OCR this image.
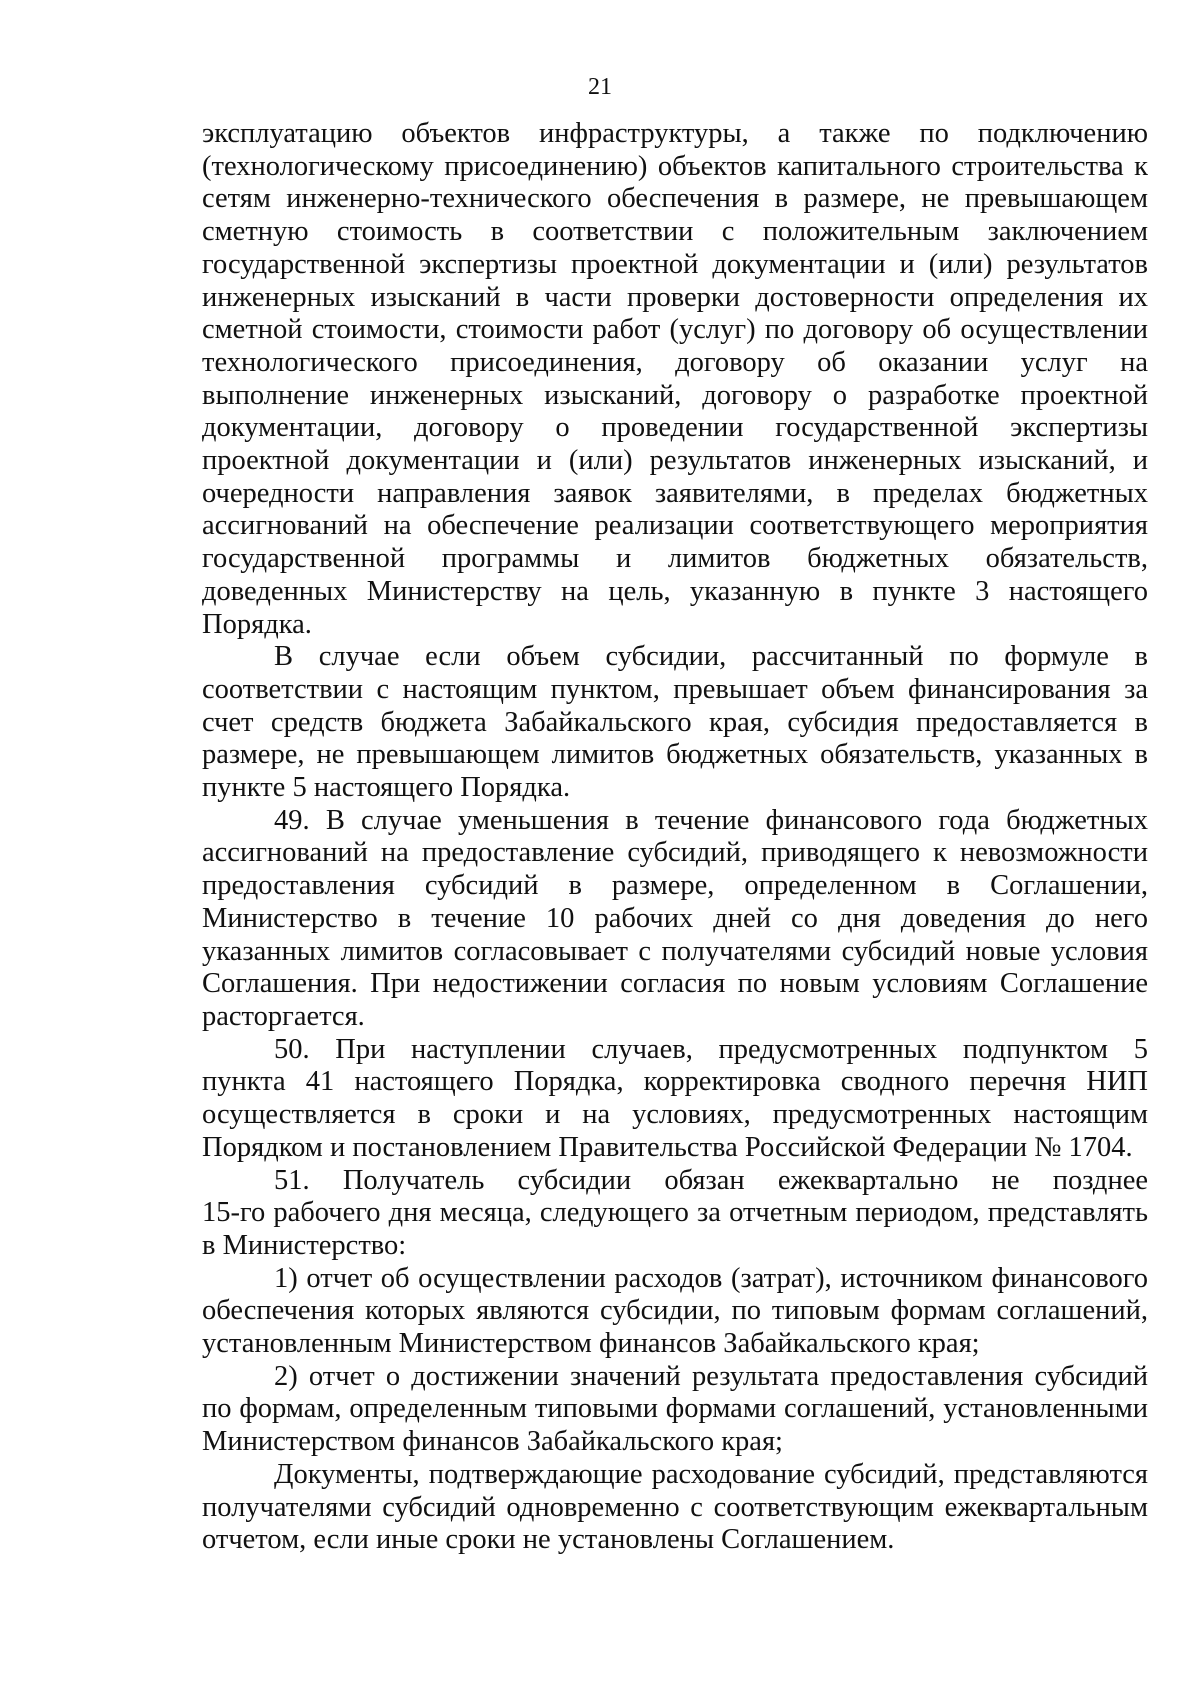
21
эксплуатацию объектов инфраструктуры, а также по подключению
(технологическому присоединению) объектов капитального строительства к
сетям инженерно-технического обеспечения в размере, не превышающем
сметную стоимость в соответствии с положительным заключением
государственной экспертизы проектной документации и (или) результатов
инженерных изысканий в части проверки достоверности определения их
сметной стоимости, стоимости работ (услуг) по договору об осуществлении
технологического присоединения, договору об оказании услуг на
выполнение инженерных изысканий, договору о разработке проектной
документации, договору о проведении государственной экспертизы
проектной документации и (или) результатов инженерных изысканий, и
очередности направления заявок заявителями, в пределах бюджетных
ассигнований на обеспечение реализации соответствующего мероприятия
государственной программы и лимитов бюджетных обязательств,
доведенных Министерству на цель, указанную в пункте 3 настоящего
Порядка.
В случае если объем субсидии, рассчитанный по формуле в
соответствии с настоящим пунктом, превышает объем финансирования за
счет средств бюджета Забайкальского края, субсидия предоставляется в
размере, не превышающем лимитов бюджетных обязательств, указанных в
пункте 5 настоящего Порядка.
49. В случае уменьшения в течение финансового года бюджетных
ассигнований на предоставление субсидий, приводящего к невозможности
предоставления субсидий в размере, определенном в Соглашении,
Министерство в течение 10 рабочих дней со дня доведения до него
указанных лимитов согласовывает с получателями субсидий новые условия
Соглашения. При недостижении согласия по новым условиям Соглашение
расторгается.
50. При наступлении случаев, предусмотренных подпунктом 5
пункта 41 настоящего Порядка, корректировка сводного перечня НИП
осуществляется в сроки и на условиях, предусмотренных настоящим
Порядком и постановлением Правительства Российской Федерации № 1704.
51. Получатель субсидии обязан ежеквартально не позднее
15-го рабочего дня месяца, следующего за отчетным периодом, представлять
в Министерство:
1) отчет об осуществлении расходов (затрат), источником финансового
обеспечения которых являются субсидии, по типовым формам соглашений,
установленным Министерством финансов Забайкальского края;
2) отчет о достижении значений результата предоставления субсидий
по формам, определенным типовыми формами соглашений, установленными
Министерством финансов Забайкальского края;
Документы, подтверждающие расходование субсидий, представляются
получателями субсидий одновременно с соответствующим ежеквартальным
отчетом, если иные сроки не установлены Соглашением.
